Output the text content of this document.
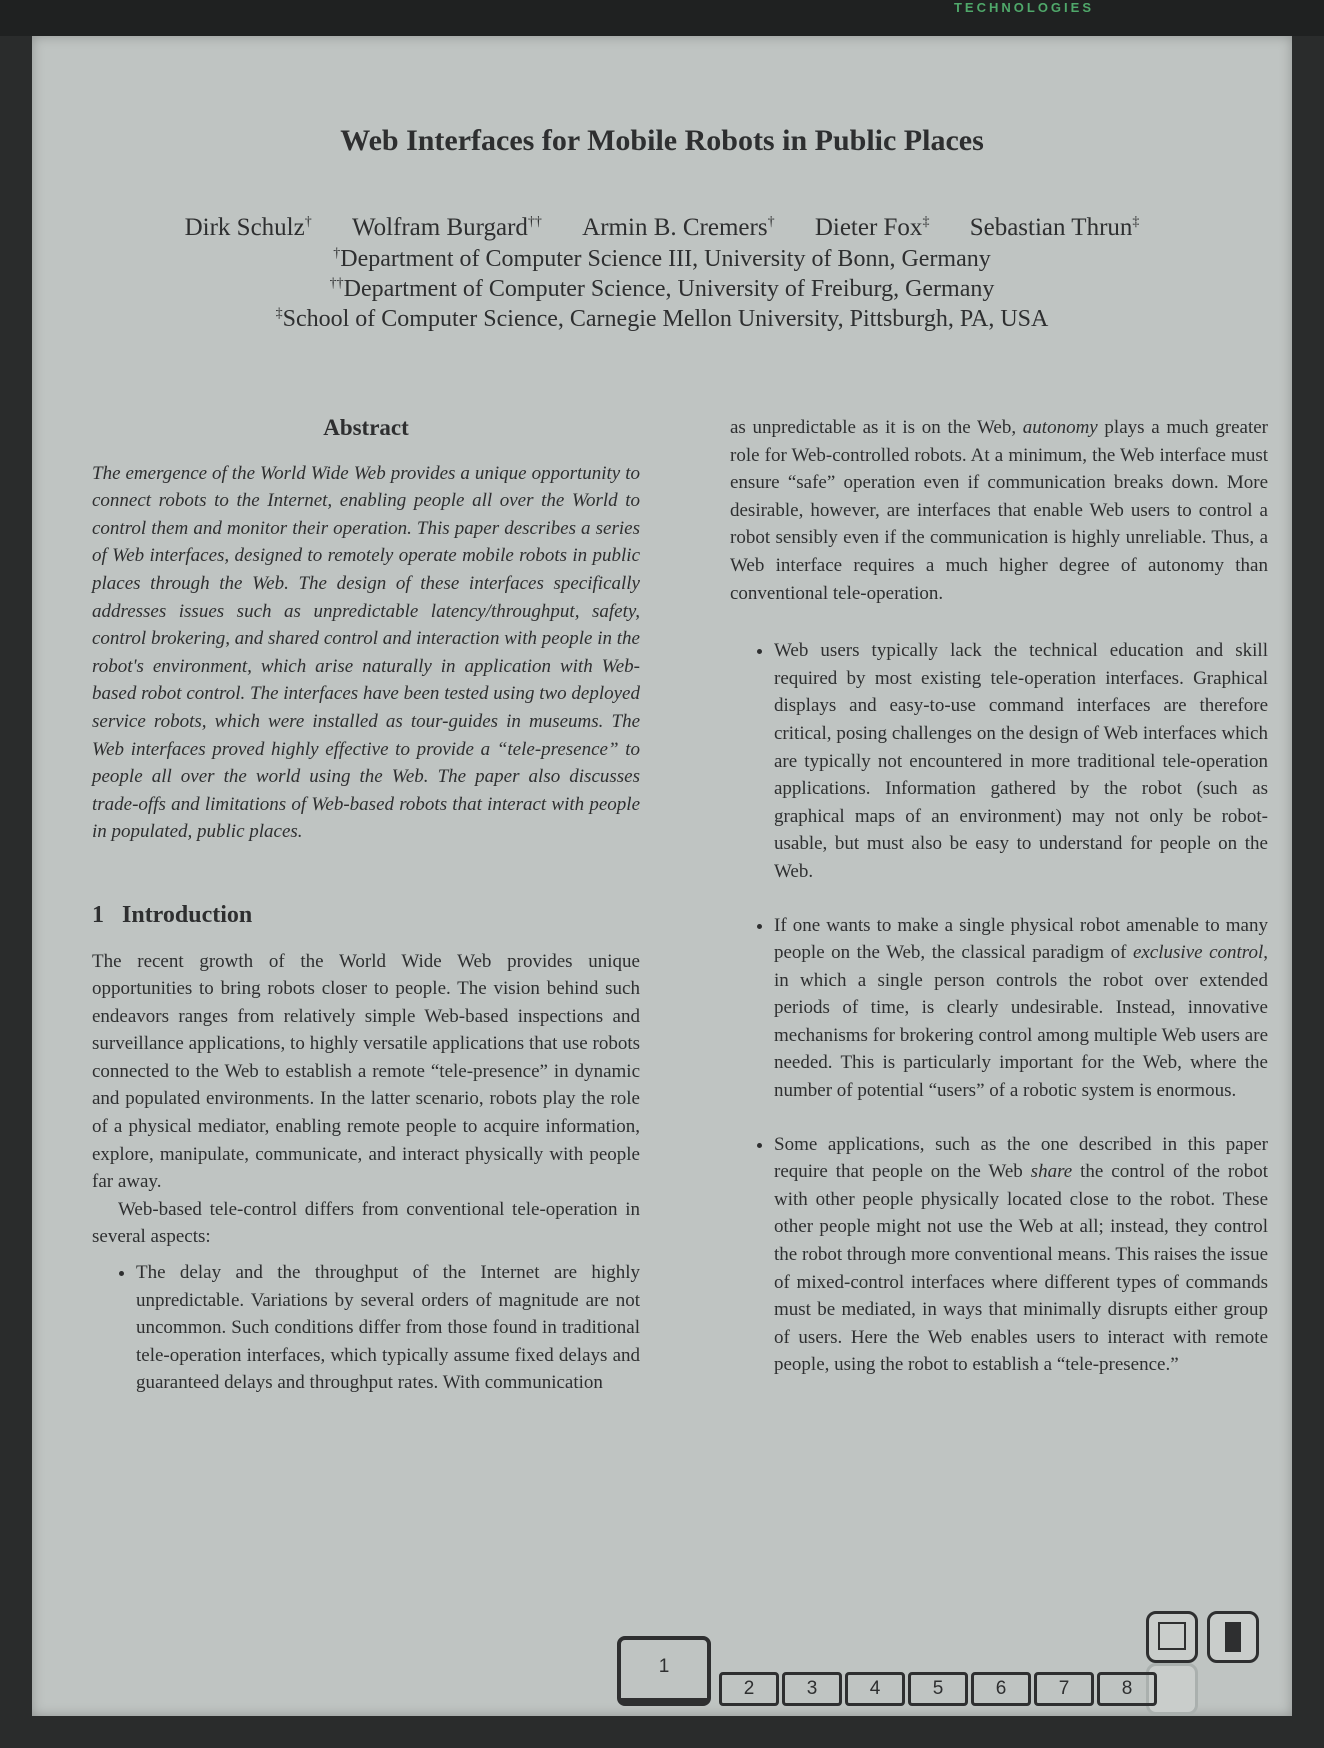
TECHNOLOGIES
Web Interfaces for Mobile Robots in Public Places
Dirk Schulz† Wolfram Burgard†† Armin B. Cremers† Dieter Fox‡ Sebastian Thrun‡
†Department of Computer Science III, University of Bonn, Germany
††Department of Computer Science, University of Freiburg, Germany
‡School of Computer Science, Carnegie Mellon University, Pittsburgh, PA, USA
Abstract

The emergence of the World Wide Web provides a unique opportunity to connect robots to the Internet, enabling people all over the World to control them and monitor their operation. This paper describes a series of Web interfaces, designed to remotely operate mobile robots in public places through the Web. The design of these interfaces specifically addresses issues such as unpredictable latency/throughput, safety, control brokering, and shared control and interaction with people in the robot's environment, which arise naturally in application with Web-based robot control. The interfaces have been tested using two deployed service robots, which were installed as tour-guides in museums. The Web interfaces proved highly effective to provide a “tele-presence” to people all over the world using the Web. The paper also discusses trade-offs and limitations of Web-based robots that interact with people in populated, public places.

1 Introduction

The recent growth of the World Wide Web provides unique opportunities to bring robots closer to people. The vision behind such endeavors ranges from relatively simple Web-based inspections and surveillance applications, to highly versatile applications that use robots connected to the Web to establish a remote “tele-presence” in dynamic and populated environments. In the latter scenario, robots play the role of a physical mediator, enabling remote people to acquire information, explore, manipulate, communicate, and interact physically with people far away.

Web-based tele-control differs from conventional tele-operation in several aspects:

• The delay and the throughput of the Internet are highly unpredictable. Variations by several orders of magnitude are not uncommon. Such conditions differ from those found in traditional tele-operation interfaces, which typically assume fixed delays and guaranteed delays and throughput rates. With communication

as unpredictable as it is on the Web, autonomy plays a much greater role for Web-controlled robots. At a minimum, the Web interface must ensure “safe” operation even if communication breaks down. More desirable, however, are interfaces that enable Web users to control a robot sensibly even if the communication is highly unreliable. Thus, a Web interface requires a much higher degree of autonomy than conventional tele-operation.

• Web users typically lack the technical education and skill required by most existing tele-operation interfaces. Graphical displays and easy-to-use command interfaces are therefore critical, posing challenges on the design of Web interfaces which are typically not encountered in more traditional tele-operation applications. Information gathered by the robot (such as graphical maps of an environment) may not only be robot-usable, but must also be easy to understand for people on the Web.
• If one wants to make a single physical robot amenable to many people on the Web, the classical paradigm of exclusive control, in which a single person controls the robot over extended periods of time, is clearly undesirable. Instead, innovative mechanisms for brokering control among multiple Web users are needed. This is particularly important for the Web, where the number of potential “users” of a robotic system is enormous.
• Some applications, such as the one described in this paper require that people on the Web share the control of the robot with other people physically located close to the robot. These other people might not use the Web at all; instead, they control the robot through more conventional means. This raises the issue of mixed-control interfaces where different types of commands must be mediated, in ways that minimally disrupts either group of users. Here the Web enables users to interact with remote people, using the robot to establish a “tele-presence.”

12	3	4	5	6	7	8
